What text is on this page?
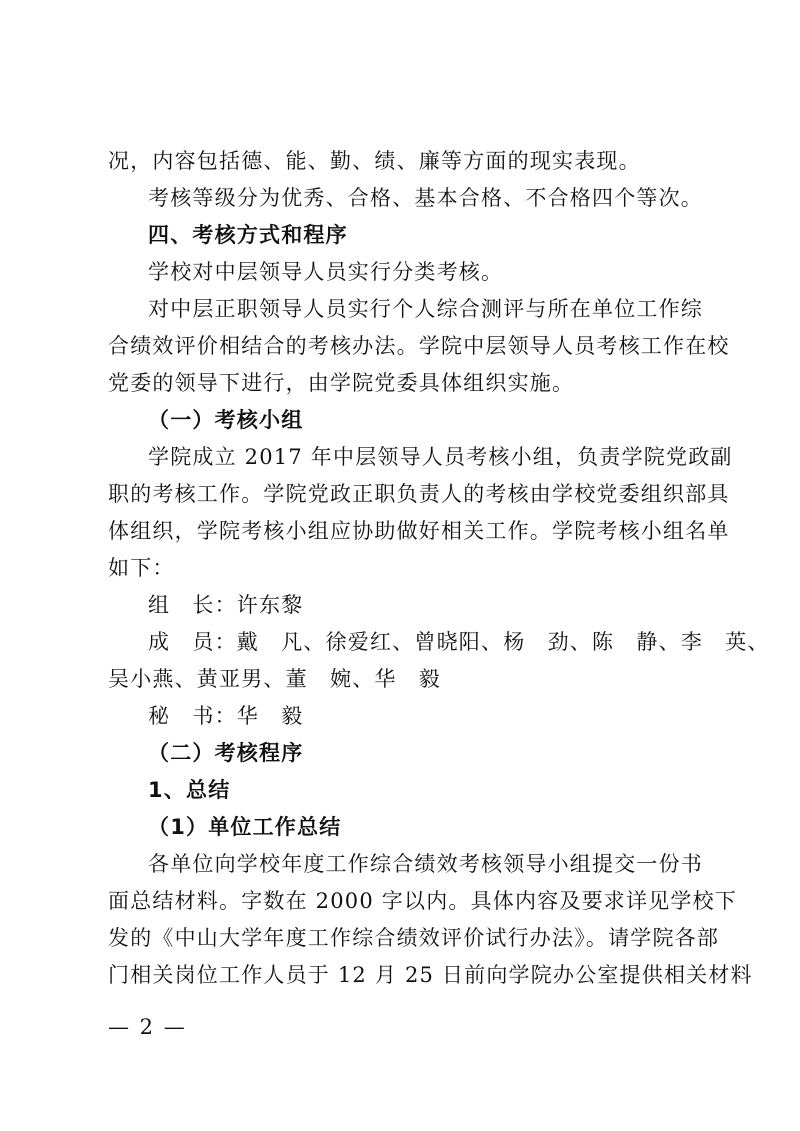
况，内容包括德、能、勤、绩、廉等方面的现实表现。
考核等级分为优秀、合格、基本合格、不合格四个等次。
四、考核方式和程序
学校对中层领导人员实行分类考核。
对中层正职领导人员实行个人综合测评与所在单位工作综
合绩效评价相结合的考核办法。学院中层领导人员考核工作在校
党委的领导下进行，由学院党委具体组织实施。
（一）考核小组
学院成立 2017 年中层领导人员考核小组，负责学院党政副
职的考核工作。学院党政正职负责人的考核由学校党委组织部具
体组织，学院考核小组应协助做好相关工作。学院考核小组名单
如下：
组　长：许东黎
成　员：戴　凡、徐爱红、曾晓阳、杨　劲、陈　静、李　英、
吴小燕、黄亚男、董　婉、华　毅
秘　书：华　毅
（二）考核程序
1、总结
（1）单位工作总结
各单位向学校年度工作综合绩效考核领导小组提交一份书
面总结材料。字数在 2000 字以内。具体内容及要求详见学校下
发的《中山大学年度工作综合绩效评价试行办法》。请学院各部
门相关岗位工作人员于 12 月 25 日前向学院办公室提供相关材料
— 2 —
